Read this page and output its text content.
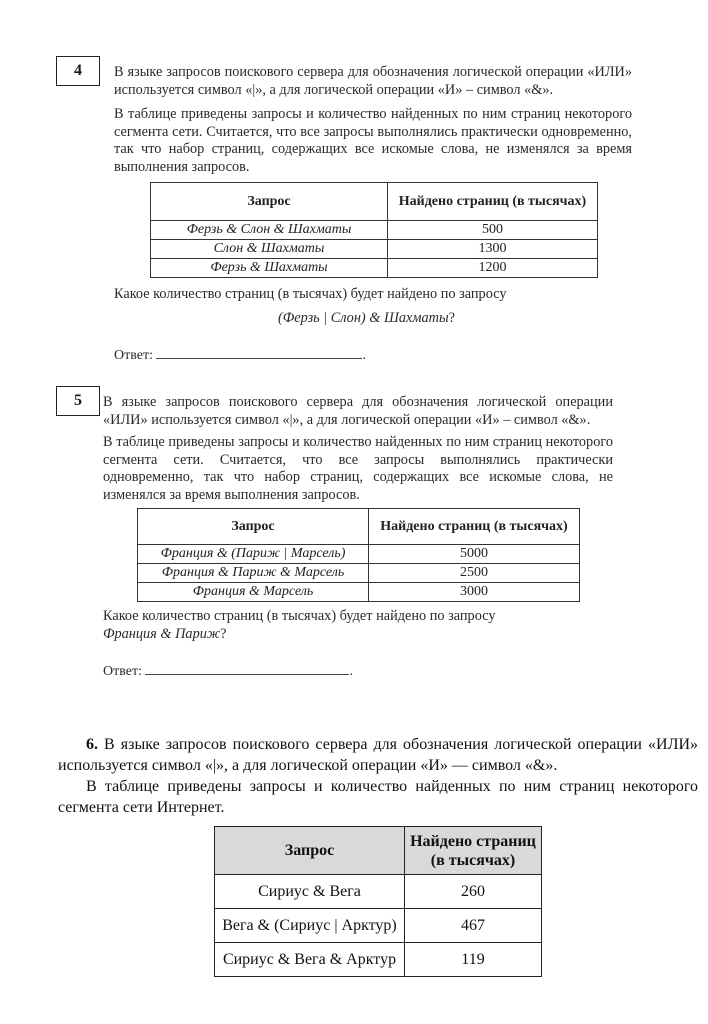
4	В языке запросов поискового сервера для обозначения логической операции «ИЛИ» используется символ «|», а для логической операции «И» – символ «&».
В таблице приведены запросы и количество найденных по ним страниц некоторого сегмента сети. Считается, что все запросы выполнялись практически одновременно, так что набор страниц, содержащих все искомые слова, не изменялся за время выполнения запросов.
Запрос	Найдено страниц (в тысячах)
Ферзь & Слон & Шахматы	500
Слон & Шахматы	1300
Ферзь & Шахматы	1200
Какое количество страниц (в тысячах) будет найдено по запросу
(Ферзь | Слон) & Шахматы?
Ответ:	.
5	В языке запросов поискового сервера для обозначения логической операции «ИЛИ» используется символ «|», а для логической операции «И» – символ «&».
В таблице приведены запросы и количество найденных по ним страниц некоторого сегмента сети. Считается, что все запросы выполнялись практически одновременно, так что набор страниц, содержащих все искомые слова, не изменялся за время выполнения запросов.
Запрос	Найдено страниц (в тысячах)
Франция & (Париж | Марсель)	5000
Франция & Париж & Марсель	2500
Франция & Марсель	3000
Какое количество страниц (в тысячах) будет найдено по запросу
Франция & Париж?
Ответ:	.
6. В языке запросов поискового сервера для обозначения логической операции «ИЛИ» используется символ «|», а для логической операции «И» — символ «&».
В таблице приведены запросы и количество найденных по ним страниц некоторого сегмента сети Интернет.
Запрос	Найдено страниц (в тысячах)
Сириус & Вега	260
Вега & (Сириус | Арктур)	467
Сириус & Вега & Арктур	119
